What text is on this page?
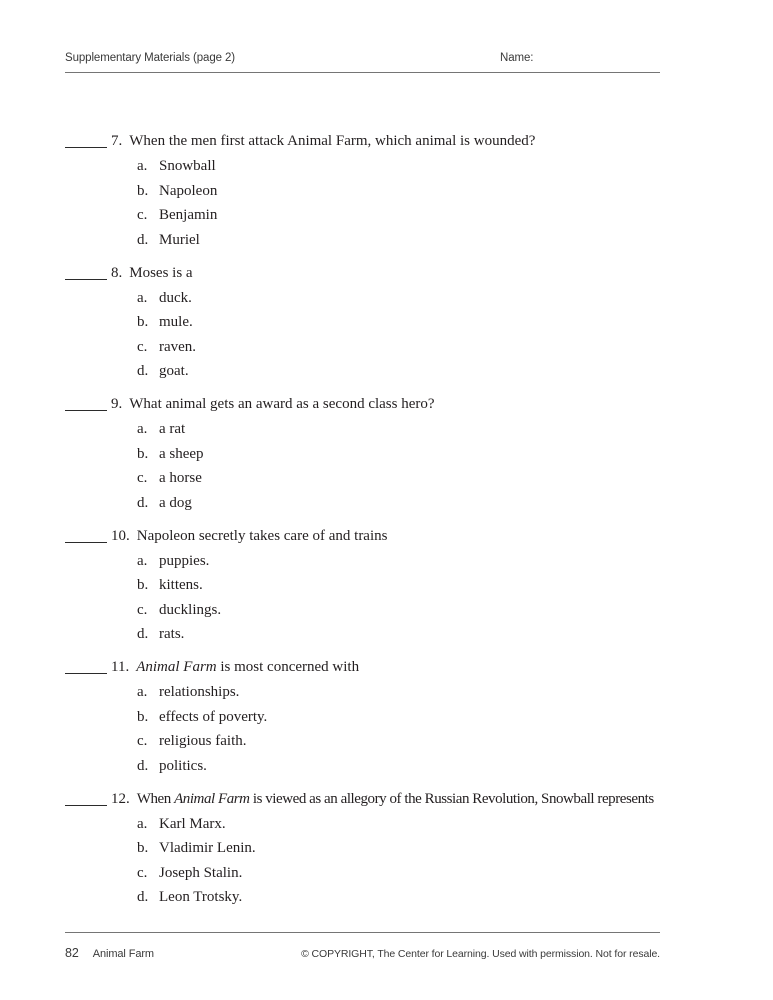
Supplementary Materials (page 2)	Name:
7. When the men first attack Animal Farm, which animal is wounded?
a. Snowball
b. Napoleon
c. Benjamin
d. Muriel
8. Moses is a
a. duck.
b. mule.
c. raven.
d. goat.
9. What animal gets an award as a second class hero?
a. a rat
b. a sheep
c. a horse
d. a dog
10. Napoleon secretly takes care of and trains
a. puppies.
b. kittens.
c. ducklings.
d. rats.
11. Animal Farm is most concerned with
a. relationships.
b. effects of poverty.
c. religious faith.
d. politics.
12. When Animal Farm is viewed as an allegory of the Russian Revolution, Snowball represents
a. Karl Marx.
b. Vladimir Lenin.
c. Joseph Stalin.
d. Leon Trotsky.
82 Animal Farm	© COPYRIGHT, The Center for Learning. Used with permission. Not for resale.
